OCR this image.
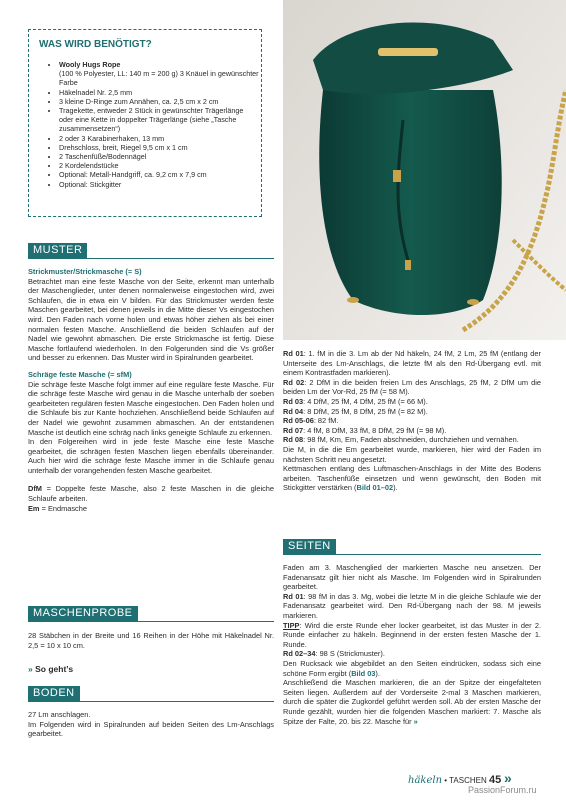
WAS WIRD BENÖTIGT?
• Wooly Hugs Rope
(100 % Polyester, LL: 140 m = 200 g) 3 Knäuel in gewünschter Farbe
• Häkelnadel Nr. 2,5 mm
• 3 kleine D-Ringe zum Annähen, ca. 2,5 cm x 2 cm
• Tragekette, entweder 2 Stück in gewünschter Trägerlänge oder eine Kette in doppelter Trägerlänge (siehe „Tasche zusammensetzen“)
• 2 oder 3 Karabinerhaken, 13 mm
• Drehschloss, breit, Riegel 9,5 cm x 1 cm
• 2 Taschenfüße/Bodennägel
• 2 Kordelendstücke
• Optional: Metall-Handgriff, ca. 9,2 cm x 7,9 cm
• Optional: Stickgitter
MUSTER
Strickmuster/Strickmasche (= S)

Betrachtet man eine feste Masche von der Seite, erkennt man unterhalb der Maschenglieder, unter denen normalerweise eingestochen wird, zwei Schlaufen, die in etwa ein V bilden. Für das Strickmuster werden feste Maschen gearbeitet, bei denen jeweils in die Mitte dieser Vs eingestochen wird. Den Faden nach vorne holen und etwas höher ziehen als bei einer normalen festen Masche. Anschließend die beiden Schlaufen auf der Nadel wie gewohnt abmaschen. Die erste Strickmasche ist fertig. Diese Masche fortlaufend wiederholen. In den Folgerunden sind die Vs größer und besser zu erkennen. Das Muster wird in Spiralrunden gearbeitet.

Schräge feste Masche (= sfM)

Die schräge feste Masche folgt immer auf eine reguläre feste Masche. Für die schräge feste Masche wird genau in die Masche unterhalb der soeben gearbeiteten regulären festen Masche eingestochen. Den Faden holen und die Schlaufe bis zur Kante hochziehen. Anschließend beide Schlaufen auf der Nadel wie gewohnt zusammen abmaschen. An der entstandenen Masche ist deutlich eine schräg nach links geneigte Schlaufe zu erkennen.

In den Folgereihen wird in jede feste Masche eine feste Masche gearbeitet, die schrägen festen Maschen liegen ebenfalls übereinander. Auch hier wird die schräge feste Masche immer in die Schlaufe genau unterhalb der vorangehenden festen Masche gearbeitet.

DfM = Doppelte feste Masche, also 2 feste Maschen in die gleiche Schlaufe arbeiten.

Em = Endmasche

MASCHENPROBE
28 Stäbchen in der Breite und 16 Reihen in der Höhe mit Häkelnadel Nr. 2,5 = 10 x 10 cm.
» So geht’s
BODEN

27 Lm anschlagen.

Im Folgenden wird in Spiralrunden auf beiden Seiten des Lm-Anschlags gearbeitet.

Rd 01: 1. fM in die 3. Lm ab der Nd häkeln, 24 fM, 2 Lm, 25 fM (entlang der Unterseite des Lm-Anschlags, die letzte fM als den Rd-Übergang evtl. mit einem Kontrastfaden markieren).

Rd 02: 2 DfM in die beiden freien Lm des Anschlags, 25 fM, 2 DfM um die beiden Lm der Vor-Rd, 25 fM (= 58 M).

Rd 03: 4 DfM, 25 fM, 4 DfM, 25 fM (= 66 M).

Rd 04: 8 DfM, 25 fM, 8 DfM, 25 fM (= 82 M).

Rd 05-06: 82 fM.

Rd 07: 4 fM, 8 DfM, 33 fM, 8 DfM, 29 fM (= 98 M).

Rd 08: 98 fM, Km, Em, Faden abschneiden, durchziehen und vernähen.

Die M, in die die Em gearbeitet wurde, markieren, hier wird der Faden im nächsten Schritt neu angesetzt.

Kettmaschen entlang des Luftmaschen-Anschlags in der Mitte des Bodens arbeiten. Taschenfüße einsetzen und wenn gewünscht, den Boden mit Stickgitter verstärken (Bild 01–02).

SEITEN

Faden am 3. Maschenglied der markierten Masche neu ansetzen. Der Fadenansatz gilt hier nicht als Masche. Im Folgenden wird in Spiralrunden gearbeitet.

Rd 01: 98 fM in das 3. Mg, wobei die letzte M in die gleiche Schlaufe wie der Fadenansatz gearbeitet wird. Den Rd-Übergang nach der 98. M jeweils markieren.

TIPP: Wird die erste Runde eher locker gearbeitet, ist das Muster in der 2. Runde einfacher zu häkeln. Beginnend in der ersten festen Masche der 1. Runde.

Rd 02–34: 98 S (Strickmuster).

Den Rucksack wie abgebildet an den Seiten eindrücken, sodass sich eine schöne Form ergibt (Bild 03).

Anschließend die Maschen markieren, die an der Spitze der eingefalteten Seiten liegen. Außerdem auf der Vorderseite 2-mal 3 Maschen markieren, durch die später die Zugkordel geführt werden soll. Ab der ersten Masche der Runde gezählt, wurden hier die folgenden Maschen markiert: 7. Masche als Spitze der Falte, 20. bis 22. Masche für »

häkeln • TASCHEN 45 »
PassionForum.ru
